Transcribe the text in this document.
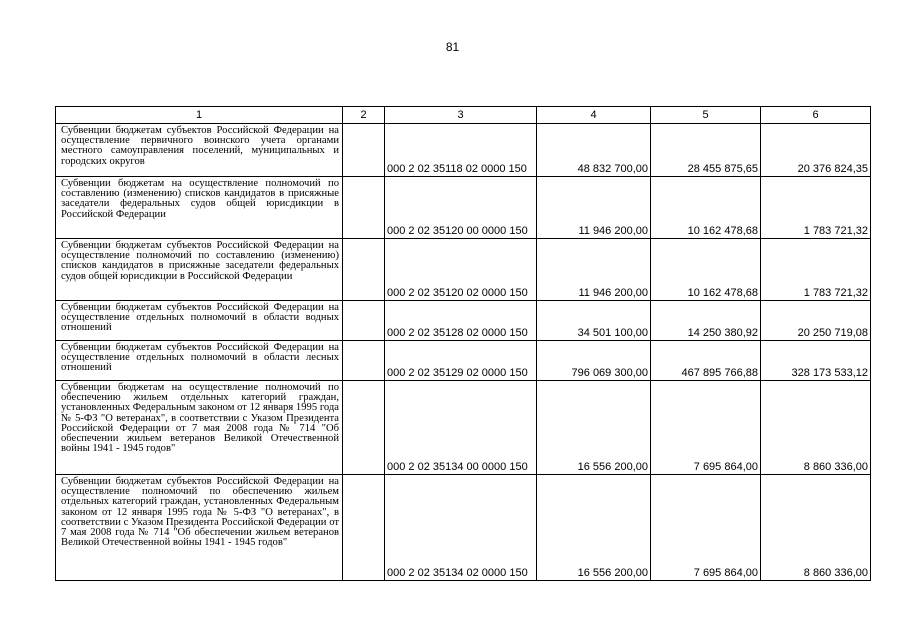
81
1	2	3	4	5	6
Субвенции бюджетам субъектов Российской Федерации на осуществление первичного воинского учета органами местного самоуправления поселений, муниципальных и городских округов		000 2 02 35118 02 0000 150	48 832 700,00	28 455 875,65	20 376 824,35
Субвенции бюджетам на осуществление полномочий по составлению (изменению) списков кандидатов в присяжные заседатели федеральных судов общей юрисдикции в Российской Федерации		000 2 02 35120 00 0000 150	11 946 200,00	10 162 478,68	1 783 721,32
Субвенции бюджетам субъектов Российской Федерации на осуществление полномочий по составлению (изменению) списков кандидатов в присяжные заседатели федеральных судов общей юрисдикции в Российской Федерации		000 2 02 35120 02 0000 150	11 946 200,00	10 162 478,68	1 783 721,32
Субвенции бюджетам субъектов Российской Федерации на осуществление отдельных полномочий в области водных отношений		000 2 02 35128 02 0000 150	34 501 100,00	14 250 380,92	20 250 719,08
Субвенции бюджетам субъектов Российской Федерации на осуществление отдельных полномочий в области лесных отношений		000 2 02 35129 02 0000 150	796 069 300,00	467 895 766,88	328 173 533,12
Субвенции бюджетам на осуществление полномочий по обеспечению жильем отдельных категорий граждан, установленных Федеральным законом от 12 января 1995 года № 5-ФЗ "О ветеранах", в соответствии с Указом Президента Российской Федерации от 7 мая 2008 года № 714 "Об обеспечении жильем ветеранов Великой Отечественной войны 1941 - 1945 годов"		000 2 02 35134 00 0000 150	16 556 200,00	7 695 864,00	8 860 336,00
Субвенции бюджетам субъектов Российской Федерации на осуществление полномочий по обеспечению жильем отдельных категорий граждан, установленных Федеральным законом от 12 января 1995 года № 5-ФЗ "О ветеранах", в соответствии с Указом Президента Российской Федерации от 7 мая 2008 года № 714 "Об обеспечении жильем ветеранов Великой Отечественной войны 1941 - 1945 годов"		000 2 02 35134 02 0000 150	16 556 200,00	7 695 864,00	8 860 336,00
